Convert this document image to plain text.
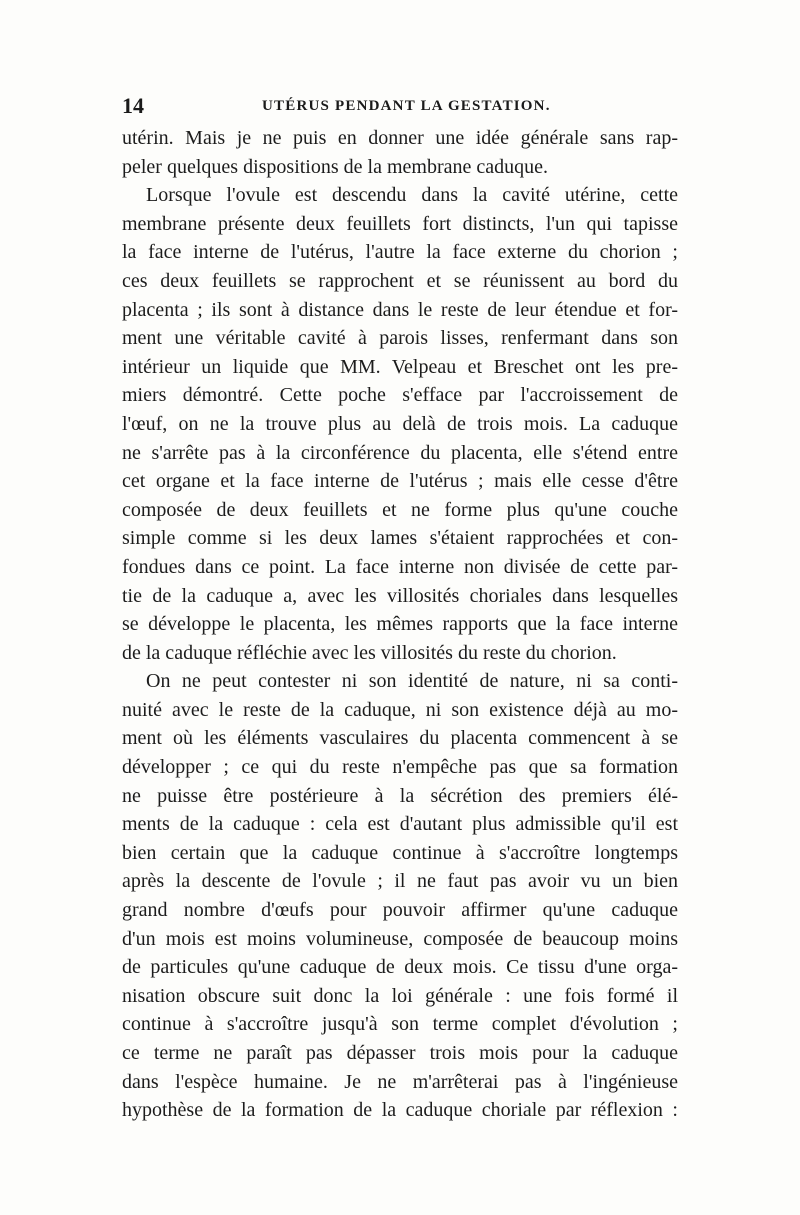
14	UTÉRUS PENDANT LA GESTATION.
utérin. Mais je ne puis en donner une idée générale sans rap-
peler quelques dispositions de la membrane caduque.
Lorsque l'ovule est descendu dans la cavité utérine, cette
membrane présente deux feuillets fort distincts, l'un qui tapisse
la face interne de l'utérus, l'autre la face externe du chorion ;
ces deux feuillets se rapprochent et se réunissent au bord du
placenta ; ils sont à distance dans le reste de leur étendue et for-
ment une véritable cavité à parois lisses, renfermant dans son
intérieur un liquide que MM. Velpeau et Breschet ont les pre-
miers démontré. Cette poche s'efface par l'accroissement de
l'œuf, on ne la trouve plus au delà de trois mois. La caduque
ne s'arrête pas à la circonférence du placenta, elle s'étend entre
cet organe et la face interne de l'utérus ; mais elle cesse d'être
composée de deux feuillets et ne forme plus qu'une couche
simple comme si les deux lames s'étaient rapprochées et con-
fondues dans ce point. La face interne non divisée de cette par-
tie de la caduque a, avec les villosités choriales dans lesquelles
se développe le placenta, les mêmes rapports que la face interne
de la caduque réfléchie avec les villosités du reste du chorion.
On ne peut contester ni son identité de nature, ni sa conti-
nuité avec le reste de la caduque, ni son existence déjà au mo-
ment où les éléments vasculaires du placenta commencent à se
développer ; ce qui du reste n'empêche pas que sa formation
ne puisse être postérieure à la sécrétion des premiers élé-
ments de la caduque : cela est d'autant plus admissible qu'il est
bien certain que la caduque continue à s'accroître longtemps
après la descente de l'ovule ; il ne faut pas avoir vu un bien
grand nombre d'œufs pour pouvoir affirmer qu'une caduque
d'un mois est moins volumineuse, composée de beaucoup moins
de particules qu'une caduque de deux mois. Ce tissu d'une orga-
nisation obscure suit donc la loi générale : une fois formé il
continue à s'accroître jusqu'à son terme complet d'évolution ;
ce terme ne paraît pas dépasser trois mois pour la caduque
dans l'espèce humaine. Je ne m'arrêterai pas à l'ingénieuse
hypothèse de la formation de la caduque choriale par réflexion :
